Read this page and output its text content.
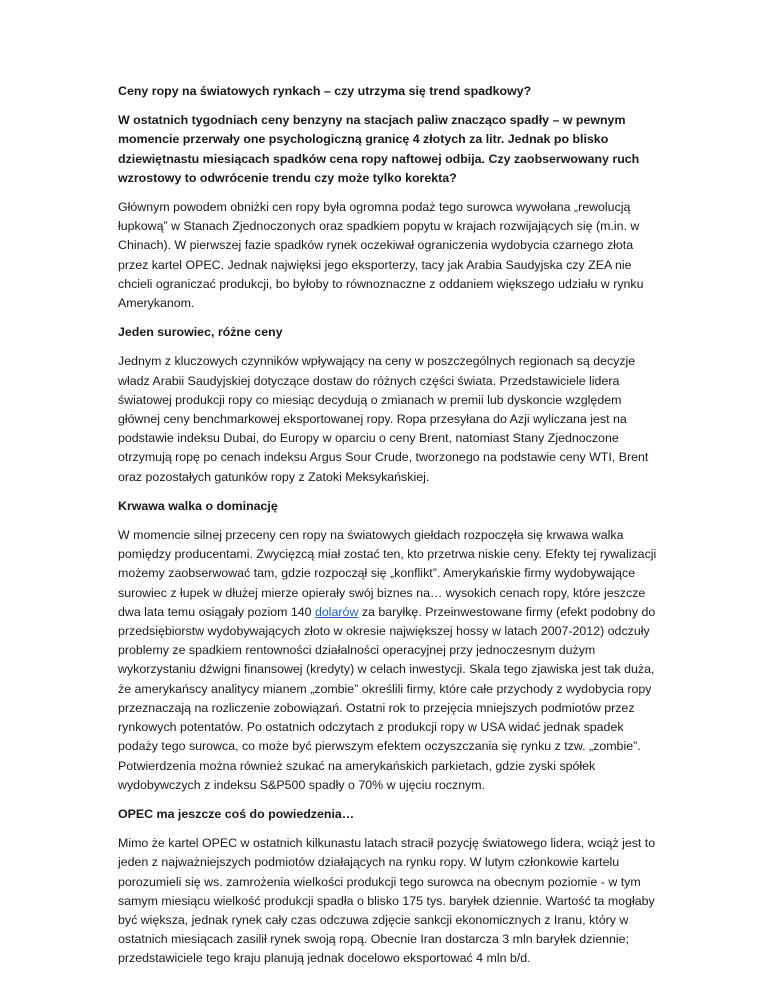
Ceny ropy na światowych rynkach – czy utrzyma się trend spadkowy?

W ostatnich tygodniach ceny benzyny na stacjach paliw znacząco spadły – w pewnym momencie przerwały one psychologiczną granicę 4 złotych za litr. Jednak po blisko dziewiętnastu miesiącach spadków cena ropy naftowej odbija. Czy zaobserwowany ruch wzrostowy to odwrócenie trendu czy może tylko korekta?

Głównym powodem obniżki cen ropy była ogromna podaż tego surowca wywołana „rewolucją łupkową” w Stanach Zjednoczonych oraz spadkiem popytu w krajach rozwijających się (m.in. w Chinach). W pierwszej fazie spadków rynek oczekiwał ograniczenia wydobycia czarnego złota przez kartel OPEC. Jednak najwięksi jego eksporterzy, tacy jak Arabia Saudyjska czy ZEA nie chcieli ograniczać produkcji, bo byłoby to równoznaczne z oddaniem większego udziału w rynku Amerykanom.

Jeden surowiec, różne ceny

Jednym z kluczowych czynników wpływający na ceny w poszczególnych regionach są decyzje władz Arabii Saudyjskiej dotyczące dostaw do różnych części świata. Przedstawiciele lidera światowej produkcji ropy co miesiąc decydują o zmianach w premii lub dyskoncie względem głównej ceny benchmarkowej eksportowanej ropy. Ropa przesyłana do Azji wyliczana jest na podstawie indeksu Dubai, do Europy w oparciu o ceny Brent, natomiast Stany Zjednoczone otrzymują ropę po cenach indeksu Argus Sour Crude, tworzonego na podstawie ceny WTI, Brent oraz pozostałych gatunków ropy z Zatoki Meksykańskiej.

Krwawa walka o dominację

W momencie silnej przeceny cen ropy na światowych giełdach rozpoczęła się krwawa walka pomiędzy producentami. Zwycięzcą miał zostać ten, kto przetrwa niskie ceny. Efekty tej rywalizacji możemy zaobserwować tam, gdzie rozpoczął się „konflikt”. Amerykańskie firmy wydobywające surowiec z łupek w dłużej mierze opierały swój biznes na… wysokich cenach ropy, które jeszcze dwa lata temu osiągały poziom 140 dolarów za baryłkę. Przeinwestowane firmy (efekt podobny do przedsiębiorstw wydobywających złoto w okresie największej hossy w latach 2007-2012) odczuły problemy ze spadkiem rentowności działalności operacyjnej przy jednoczesnym dużym wykorzystaniu dźwigni finansowej (kredyty) w celach inwestycji. Skala tego zjawiska jest tak duża, że amerykańscy analitycy mianem „zombie” określili firmy, które całe przychody z wydobycia ropy przeznaczają na rozliczenie zobowiązań. Ostatni rok to przejęcia mniejszych podmiotów przez rynkowych potentatów. Po ostatnich odczytach z produkcji ropy w USA widać jednak spadek podaży tego surowca, co może być pierwszym efektem oczyszczania się rynku z tzw. „zombie”. Potwierdzenia można również szukać na amerykańskich parkietach, gdzie zyski spółek wydobywczych z indeksu S&P500 spadły o 70% w ujęciu rocznym.

OPEC ma jeszcze coś do powiedzenia…

Mimo że kartel OPEC w ostatnich kilkunastu latach stracił pozycję światowego lidera, wciąż jest to jeden z najważniejszych podmiotów działających na rynku ropy. W lutym członkowie kartelu porozumieli się ws. zamrożenia wielkości produkcji tego surowca na obecnym poziomie - w tym samym miesiącu wielkość produkcji spadła o blisko 175 tys. baryłek dziennie. Wartość ta mogłaby być większa, jednak rynek cały czas odczuwa zdjęcie sankcji ekonomicznych z Iranu, który w ostatnich miesiącach zasilił rynek swoją ropą. Obecnie Iran dostarcza 3 mln baryłek dziennie; przedstawiciele tego kraju planują jednak docelowo eksportować 4 mln b/d.
